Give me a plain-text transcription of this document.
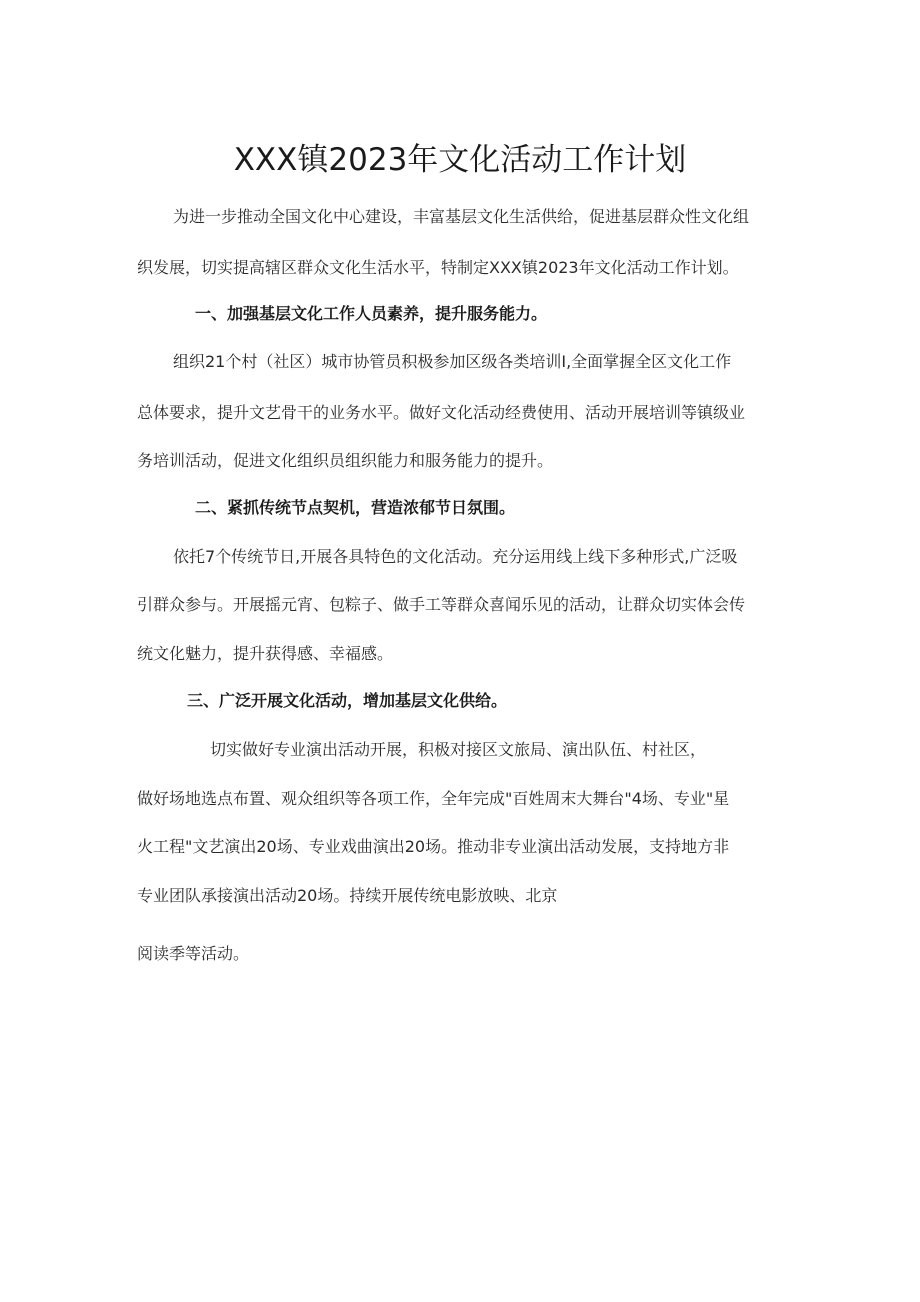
XXX镇2023年文化活动工作计划

为进一步推动全国文化中心建设，丰富基层文化生活供给，促进基层群众性文化组

织发展，切实提高辖区群众文化生活水平，特制定XXX镇2023年文化活动工作计划。

一、加强基层文化工作人员素养，提升服务能力。

组织21个村（社区）城市协管员积极参加区级各类培训I,全面掌握全区文化工作

总体要求，提升文艺骨干的业务水平。做好文化活动经费使用、活动开展培训等镇级业

务培训活动，促进文化组织员组织能力和服务能力的提升。

二、紧抓传统节点契机，营造浓郁节日氛围。

依托7个传统节日,开展各具特色的文化活动。充分运用线上线下多种形式,广泛吸

引群众参与。开展摇元宵、包粽子、做手工等群众喜闻乐见的活动，让群众切实体会传

统文化魅力，提升获得感、幸福感。

三、广泛开展文化活动，增加基层文化供给。

切实做好专业演出活动开展，积极对接区文旅局、演出队伍、村社区，

做好场地选点布置、观众组织等各项工作，全年完成"百姓周末大舞台"4场、专业"星

火工程"文艺演出20场、专业戏曲演出20场。推动非专业演出活动发展，支持地方非

专业团队承接演出活动20场。持续开展传统电影放映、北京

阅读季等活动。
